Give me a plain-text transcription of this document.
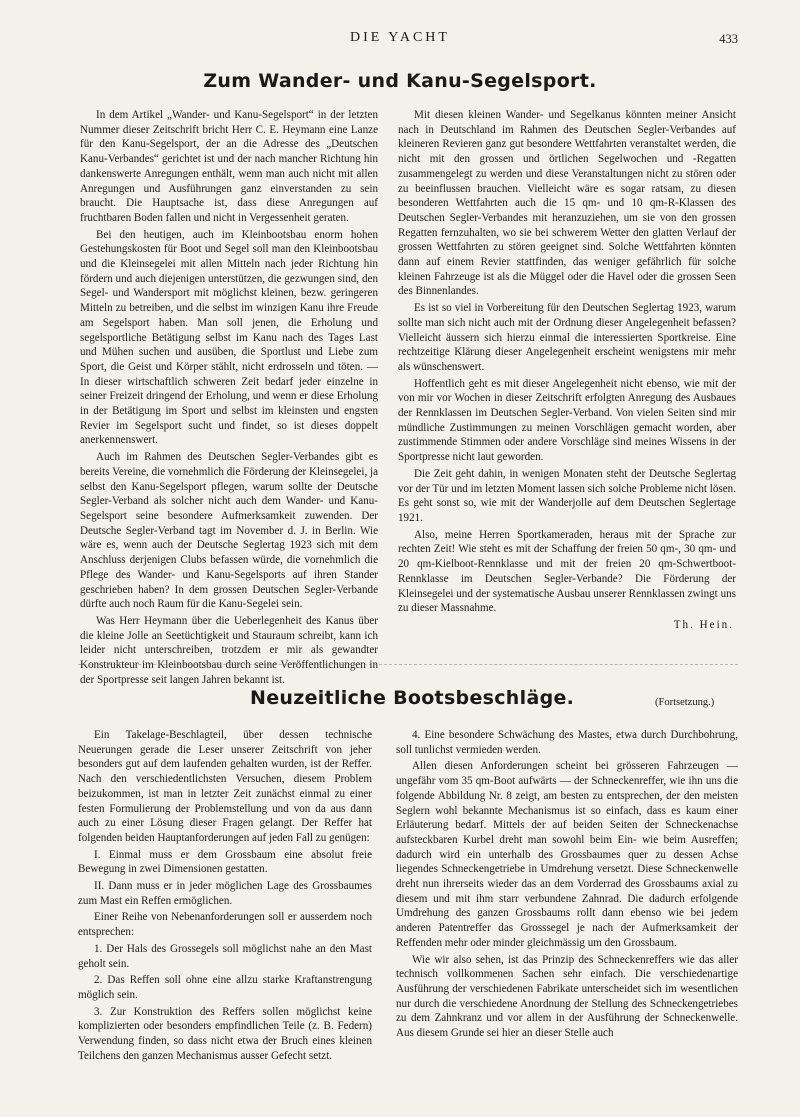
DIE YACHT	433
Zum Wander- und Kanu-Segelsport.

In dem Artikel „Wander- und Kanu-Segelsport“ in der letzten Nummer dieser Zeitschrift bricht Herr C. E. Heymann eine Lanze für den Kanu-Segelsport, der an die Adresse des „Deutschen Kanu-Verbandes“ gerichtet ist und der nach mancher Richtung hin dankenswerte Anregungen enthält, wenn man auch nicht mit allen Anregungen und Ausführungen ganz einverstanden zu sein braucht. Die Hauptsache ist, dass diese Anregungen auf fruchtbaren Boden fallen und nicht in Vergessenheit geraten.

Bei den heutigen, auch im Kleinbootsbau enorm hohen Gestehungskosten für Boot und Segel soll man den Kleinbootsbau und die Kleinsegelei mit allen Mitteln nach jeder Richtung hin fördern und auch diejenigen unterstützen, die gezwungen sind, den Segel- und Wandersport mit möglichst kleinen, bezw. geringeren Mitteln zu betreiben, und die selbst im winzigen Kanu ihre Freude am Segelsport haben. Man soll jenen, die Erholung und segelsportliche Betätigung selbst im Kanu nach des Tages Last und Mühen suchen und ausüben, die Sportlust und Liebe zum Sport, die Geist und Körper stählt, nicht erdrosseln und töten. — In dieser wirtschaftlich schweren Zeit bedarf jeder einzelne in seiner Freizeit dringend der Erholung, und wenn er diese Erholung in der Betätigung im Sport und selbst im kleinsten und engsten Revier im Segelsport sucht und findet, so ist dieses doppelt anerkennenswert.

Auch im Rahmen des Deutschen Segler-Verbandes gibt es bereits Vereine, die vornehmlich die Förderung der Kleinsegelei, ja selbst den Kanu-Segelsport pflegen, warum sollte der Deutsche Segler-Verband als solcher nicht auch dem Wander- und Kanu-Segelsport seine besondere Aufmerksamkeit zuwenden. Der Deutsche Segler-Verband tagt im November d. J. in Berlin. Wie wäre es, wenn auch der Deutsche Seglertag 1923 sich mit dem Anschluss derjenigen Clubs befassen würde, die vornehmlich die Pflege des Wander- und Kanu-Segelsports auf ihren Stander geschrieben haben? In dem grossen Deutschen Segler-Verbande dürfte auch noch Raum für die Kanu-Segelei sein.

Was Herr Heymann über die Ueberlegenheit des Kanus über die kleine Jolle an Seetüchtigkeit und Stauraum schreibt, kann ich leider nicht unterschreiben, trotzdem er mir als gewandter Konstrukteur im Kleinbootsbau durch seine Veröffentlichungen in der Sportpresse seit langen Jahren bekannt ist.

Mit diesen kleinen Wander- und Segelkanus könnten meiner Ansicht nach in Deutschland im Rahmen des Deutschen Segler-Verbandes auf kleineren Revieren ganz gut besondere Wettfahrten veranstaltet werden, die nicht mit den grossen und örtlichen Segelwochen und -Regatten zusammengelegt zu werden und diese Veranstaltungen nicht zu stören oder zu beeinflussen brauchen. Vielleicht wäre es sogar ratsam, zu diesen besonderen Wettfahrten auch die 15 qm- und 10 qm-R-Klassen des Deutschen Segler-Verbandes mit heranzuziehen, um sie von den grossen Regatten fernzuhalten, wo sie bei schwerem Wetter den glatten Verlauf der grossen Wettfahrten zu stören geeignet sind. Solche Wettfahrten könnten dann auf einem Revier stattfinden, das weniger gefährlich für solche kleinen Fahrzeuge ist als die Müggel oder die Havel oder die grossen Seen des Binnenlandes.

Es ist so viel in Vorbereitung für den Deutschen Seglertag 1923, warum sollte man sich nicht auch mit der Ordnung dieser Angelegenheit befassen? Vielleicht äussern sich hierzu einmal die interessierten Sportkreise. Eine rechtzeitige Klärung dieser Angelegenheit erscheint wenigstens mir mehr als wünschenswert.

Hoffentlich geht es mit dieser Angelegenheit nicht ebenso, wie mit der von mir vor Wochen in dieser Zeitschrift erfolgten Anregung des Ausbaues der Rennklassen im Deutschen Segler-Verband. Von vielen Seiten sind mir mündliche Zustimmungen zu meinen Vorschlägen gemacht worden, aber zustimmende Stimmen oder andere Vorschläge sind meines Wissens in der Sportpresse nicht laut geworden.

Die Zeit geht dahin, in wenigen Monaten steht der Deutsche Seglertag vor der Tür und im letzten Moment lassen sich solche Probleme nicht lösen. Es geht sonst so, wie mit der Wanderjolle auf dem Deutschen Seglertage 1921.

Also, meine Herren Sportkameraden, heraus mit der Sprache zur rechten Zeit! Wie steht es mit der Schaffung der freien 50 qm-, 30 qm- und 20 qm-Kielboot-Rennklasse und mit der freien 20 qm-Schwertboot-Rennklasse im Deutschen Segler-Verbande? Die Förderung der Kleinsegelei und der systematische Ausbau unserer Rennklassen zwingt uns zu dieser Massnahme.

Th. Hein.
Neuzeitliche Bootsbeschläge.	(Fortsetzung.)

Ein Takelage-Beschlagteil, über dessen technische Neuerungen gerade die Leser unserer Zeitschrift von jeher besonders gut auf dem laufenden gehalten wurden, ist der Reffer. Nach den verschiedentlichsten Versuchen, diesem Problem beizukommen, ist man in letzter Zeit zunächst einmal zu einer festen Formulierung der Problemstellung und von da aus dann auch zu einer Lösung dieser Fragen gelangt. Der Reffer hat folgenden beiden Hauptanforderungen auf jeden Fall zu genügen:

I. Einmal muss er dem Grossbaum eine absolut freie Bewegung in zwei Dimensionen gestatten.

II. Dann muss er in jeder möglichen Lage des Grossbaumes zum Mast ein Reffen ermöglichen.

Einer Reihe von Nebenanforderungen soll er ausserdem noch entsprechen:

1. Der Hals des Grossegels soll möglichst nahe an den Mast geholt sein.

2. Das Reffen soll ohne eine allzu starke Kraftanstrengung möglich sein.

3. Zur Konstruktion des Reffers sollen möglichst keine komplizierten oder besonders empfindlichen Teile (z. B. Federn) Verwendung finden, so dass nicht etwa der Bruch eines kleinen Teilchens den ganzen Mechanismus ausser Gefecht setzt.

4. Eine besondere Schwächung des Mastes, etwa durch Durchbohrung, soll tunlichst vermieden werden.

Allen diesen Anforderungen scheint bei grösseren Fahrzeugen — ungefähr vom 35 qm-Boot aufwärts — der Schneckenreffer, wie ihn uns die folgende Abbildung Nr. 8 zeigt, am besten zu entsprechen, der den meisten Seglern wohl bekannte Mechanismus ist so einfach, dass es kaum einer Erläuterung bedarf. Mittels der auf beiden Seiten der Schneckenachse aufsteckbaren Kurbel dreht man sowohl beim Ein- wie beim Ausreffen; dadurch wird ein unterhalb des Grossbaumes quer zu dessen Achse liegendes Schneckengetriebe in Umdrehung versetzt. Diese Schneckenwelle dreht nun ihrerseits wieder das an dem Vorderrad des Grossbaums axial zu diesem und mit ihm starr verbundene Zahnrad. Die dadurch erfolgende Umdrehung des ganzen Grossbaums rollt dann ebenso wie bei jedem anderen Patentreffer das Grosssegel je nach der Aufmerksamkeit der Reffenden mehr oder minder gleichmässig um den Grossbaum.

Wie wir also sehen, ist das Prinzip des Schneckenreffers wie das aller technisch vollkommenen Sachen sehr einfach. Die verschiedenartige Ausführung der verschiedenen Fabrikate unterscheidet sich im wesentlichen nur durch die verschiedene Anordnung der Stellung des Schneckengetriebes zu dem Zahnkranz und vor allem in der Ausführung der Schneckenwelle. Aus diesem Grunde sei hier an dieser Stelle auch
